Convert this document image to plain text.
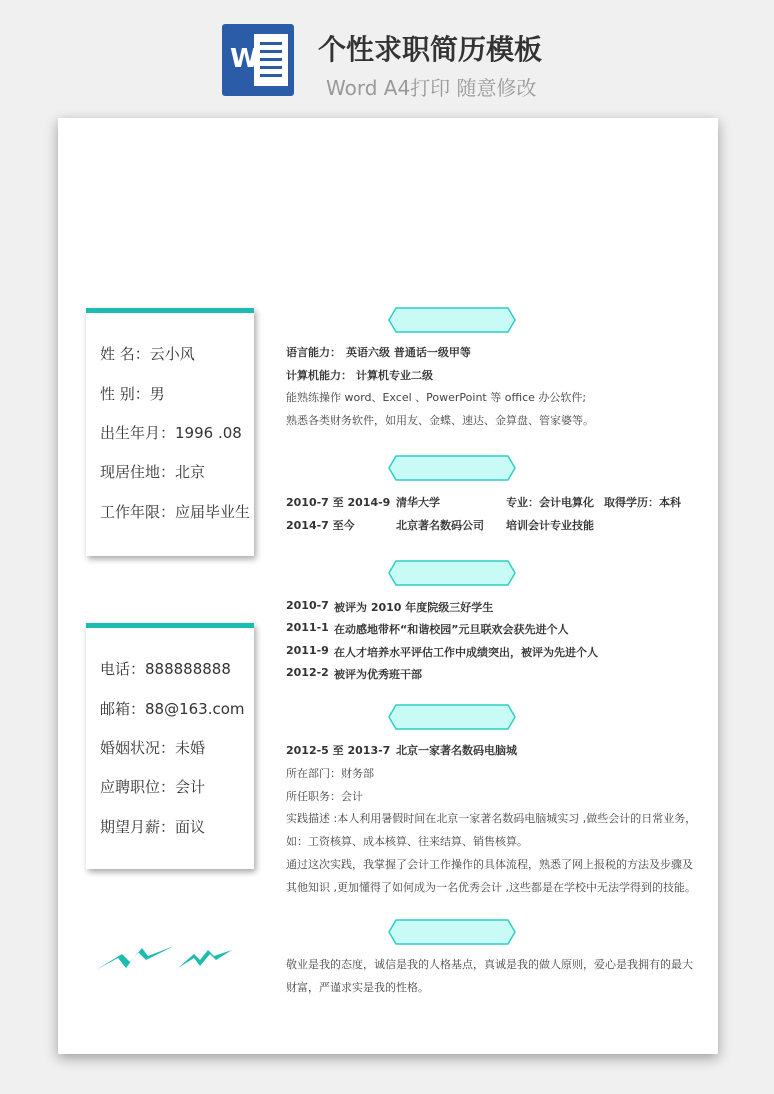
W 个性求职简历模板
Word A4打印 随意修改
姓 名：云小风
性 别：男
出生年月：1996 .08
现居住地：北京
工作年限：应届毕业生
电话：888888888
邮箱：88@163.com
婚姻状况：未婚
应聘职位：会计
期望月薪：面议
语言能力： 英语六级 普通话一级甲等
计算机能力： 计算机专业二级
能熟练操作 word、Excel 、PowerPoint 等 office 办公软件;
熟悉各类财务软件，如用友、金蝶、速达、金算盘、管家婆等。
2010-7 至 2014-9 清华大学	专业：会计电算化 取得学历：本科
2014-7 至今	北京著名数码公司 培训会计专业技能
2010-7 被评为 2010 年度院级三好学生
2011-1 在动感地带杯“和谐校园”元旦联欢会获先进个人
2011-9 在人才培养水平评估工作中成绩突出，被评为先进个人
2012-2 被评为优秀班干部
2012-5 至 2013-7 北京一家著名数码电脑城
所在部门：财务部
所任职务：会计
实践描述 :本人利用暑假时间在北京一家著名数码电脑城实习 ,做些会计的日常业务，
如：工资核算、成本核算、往来结算、销售核算。
通过这次实践，我掌握了会计工作操作的具体流程，熟悉了网上报税的方法及步骤及
其他知识 ,更加懂得了如何成为一名优秀会计 ,这些都是在学校中无法学得到的技能。
敬业是我的态度，诚信是我的人格基点，真诚是我的做人原则，爱心是我拥有的最大
财富，严谨求实是我的性格。
